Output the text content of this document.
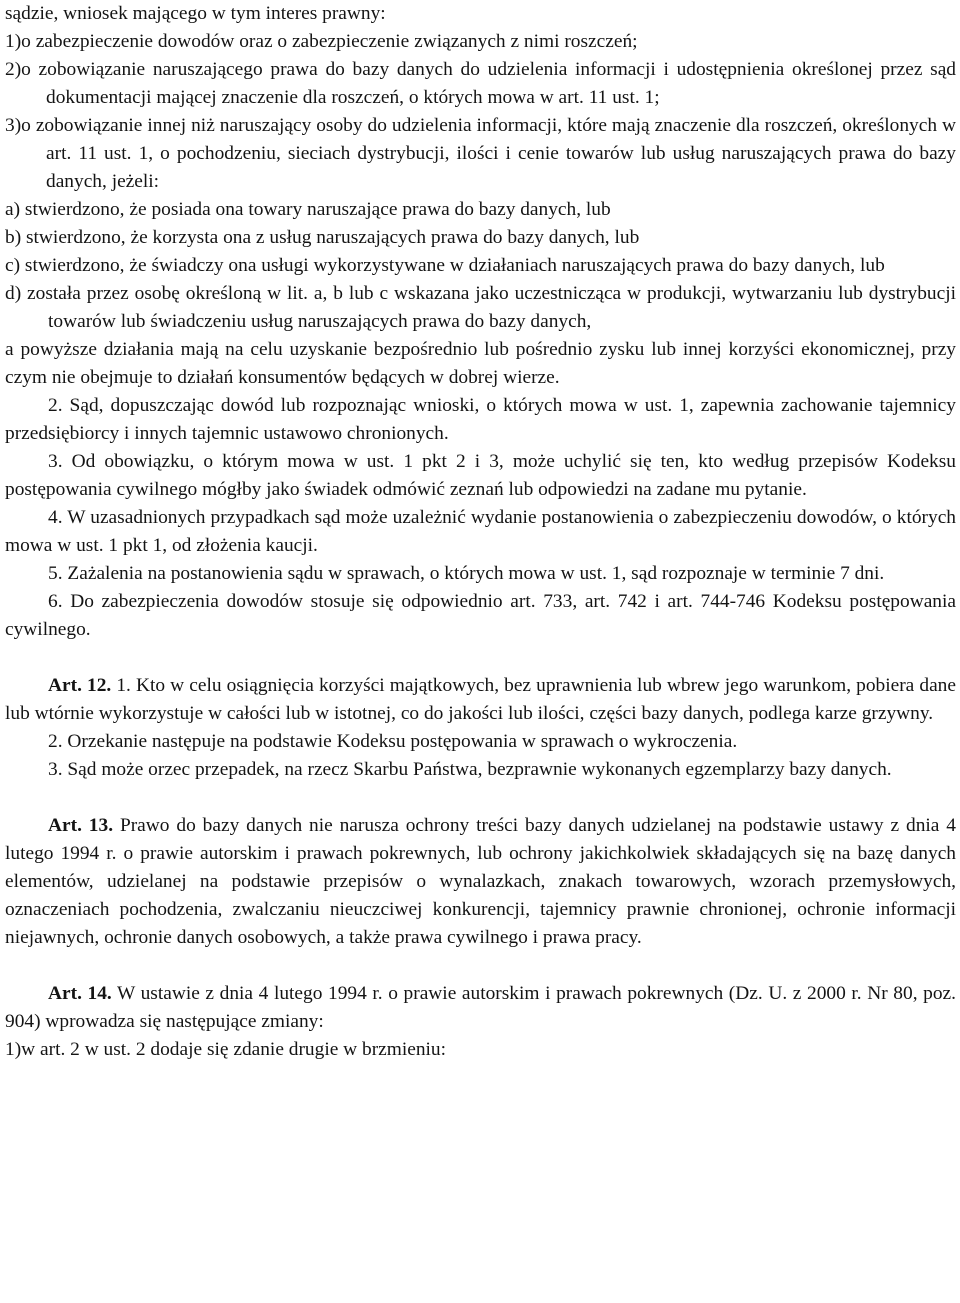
sądzie, wniosek mającego w tym interes prawny:

1)o zabezpieczenie dowodów oraz o zabezpieczenie związanych z nimi roszczeń;

2)o zobowiązanie naruszającego prawa do bazy danych do udzielenia informacji i udostępnienia określonej przez sąd dokumentacji mającej znaczenie dla roszczeń, o których mowa w art. 11 ust. 1;

3)o zobowiązanie innej niż naruszający osoby do udzielenia informacji, które mają znaczenie dla roszczeń, określonych w art. 11 ust. 1, o pochodzeniu, sieciach dystrybucji, ilości i cenie towarów lub usług naruszających prawa do bazy danych, jeżeli:

a) stwierdzono, że posiada ona towary naruszające prawa do bazy danych, lub

b) stwierdzono, że korzysta ona z usług naruszających prawa do bazy danych, lub

c) stwierdzono, że świadczy ona usługi wykorzystywane w działaniach naruszających prawa do bazy danych, lub

d) została przez osobę określoną w lit. a, b lub c wskazana jako uczestnicząca w produkcji, wytwarzaniu lub dystrybucji towarów lub świadczeniu usług naruszających prawa do bazy danych,

a powyższe działania mają na celu uzyskanie bezpośrednio lub pośrednio zysku lub innej korzyści ekonomicznej, przy czym nie obejmuje to działań konsumentów będących w dobrej wierze.

2. Sąd, dopuszczając dowód lub rozpoznając wnioski, o których mowa w ust. 1, zapewnia zachowanie tajemnicy przedsiębiorcy i innych tajemnic ustawowo chronionych.

3. Od obowiązku, o którym mowa w ust. 1 pkt 2 i 3, może uchylić się ten, kto według przepisów Kodeksu postępowania cywilnego mógłby jako świadek odmówić zeznań lub odpowiedzi na zadane mu pytanie.

4. W uzasadnionych przypadkach sąd może uzależnić wydanie postanowienia o zabezpieczeniu dowodów, o których mowa w ust. 1 pkt 1, od złożenia kaucji.

5. Zażalenia na postanowienia sądu w sprawach, o których mowa w ust. 1, sąd rozpoznaje w terminie 7 dni.

6. Do zabezpieczenia dowodów stosuje się odpowiednio art. 733, art. 742 i art. 744-746 Kodeksu postępowania cywilnego.

Art. 12. 1. Kto w celu osiągnięcia korzyści majątkowych, bez uprawnienia lub wbrew jego warunkom, pobiera dane lub wtórnie wykorzystuje w całości lub w istotnej, co do jakości lub ilości, części bazy danych, podlega karze grzywny.

2. Orzekanie następuje na podstawie Kodeksu postępowania w sprawach o wykroczenia.

3. Sąd może orzec przepadek, na rzecz Skarbu Państwa, bezprawnie wykonanych egzemplarzy bazy danych.

Art. 13. Prawo do bazy danych nie narusza ochrony treści bazy danych udzielanej na podstawie ustawy z dnia 4 lutego 1994 r. o prawie autorskim i prawach pokrewnych, lub ochrony jakichkolwiek składających się na bazę danych elementów, udzielanej na podstawie przepisów o wynalazkach, znakach towarowych, wzorach przemysłowych, oznaczeniach pochodzenia, zwalczaniu nieuczciwej konkurencji, tajemnicy prawnie chronionej, ochronie informacji niejawnych, ochronie danych osobowych, a także prawa cywilnego i prawa pracy.

Art. 14. W ustawie z dnia 4 lutego 1994 r. o prawie autorskim i prawach pokrewnych (Dz. U. z 2000 r. Nr 80, poz. 904) wprowadza się następujące zmiany:

1)w art. 2 w ust. 2 dodaje się zdanie drugie w brzmieniu:
